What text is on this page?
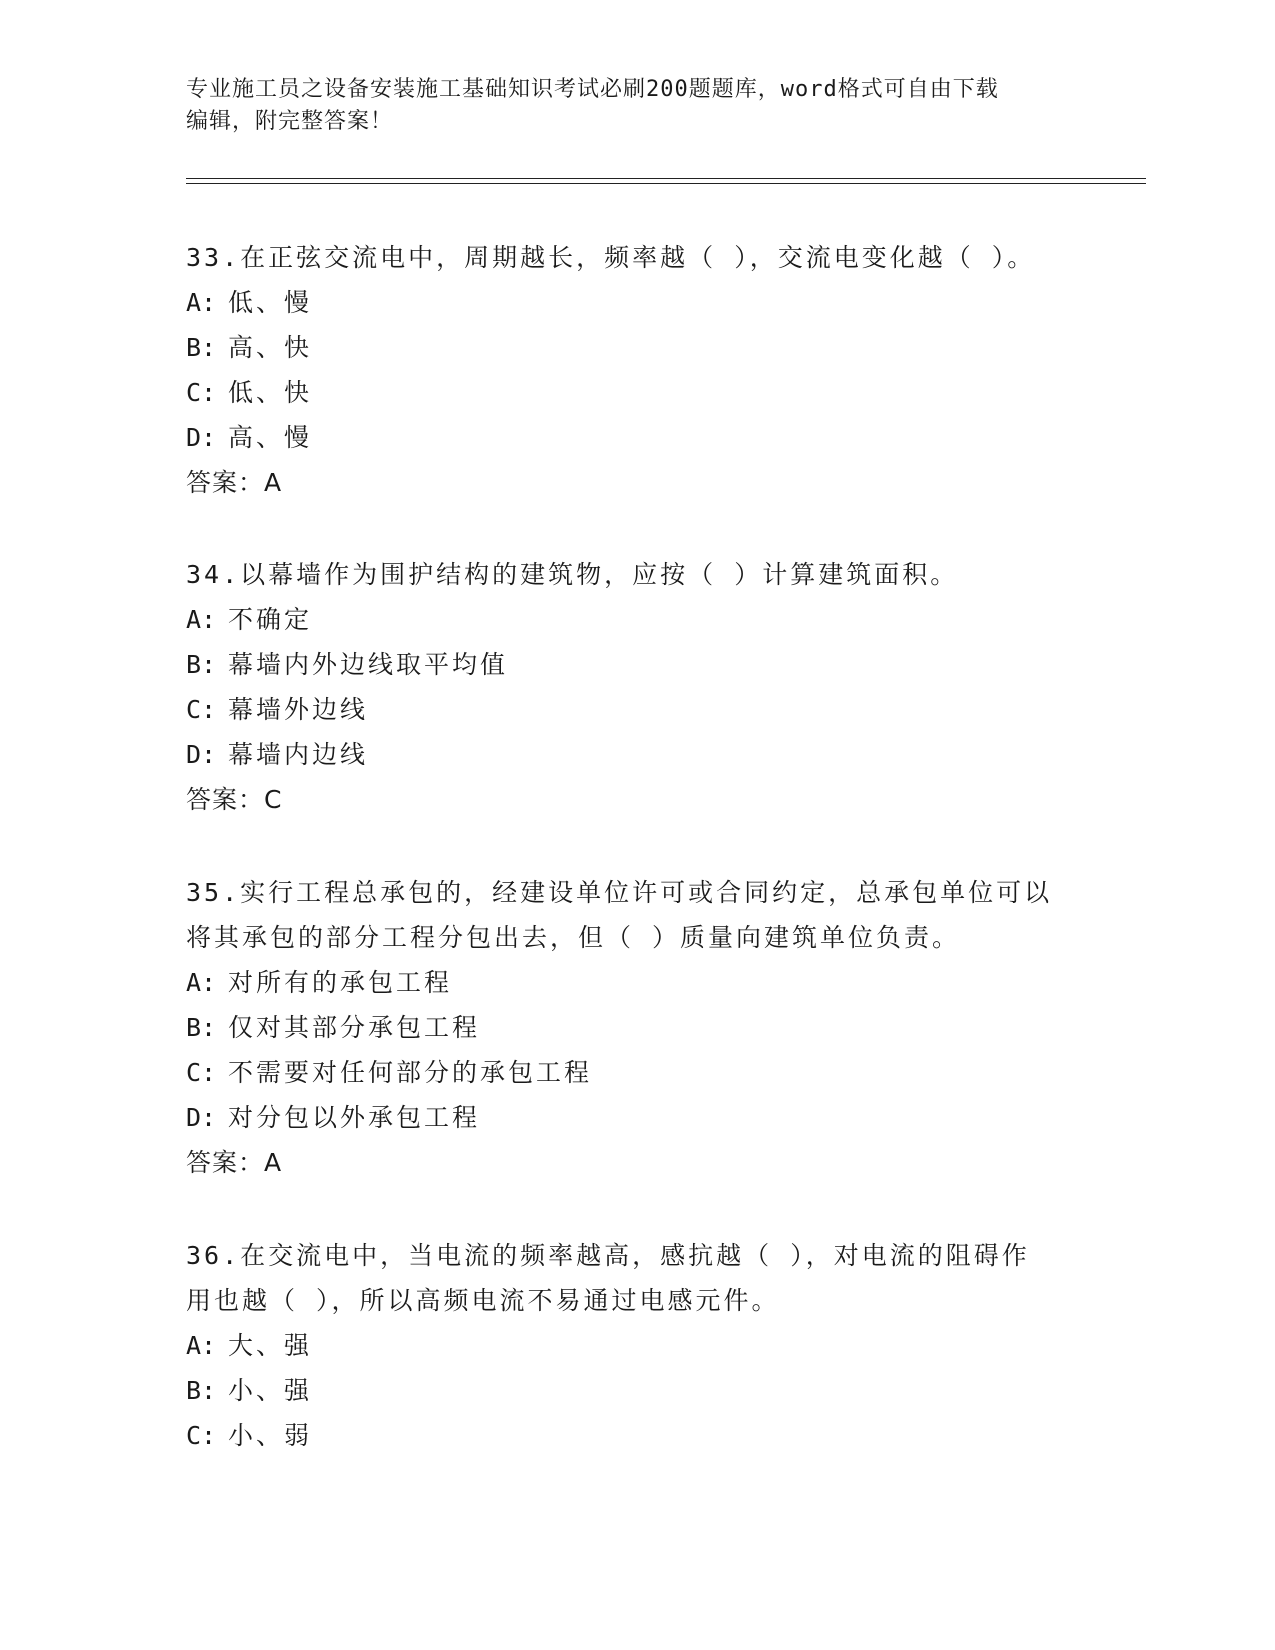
专业施工员之设备安装施工基础知识考试必刷200题题库，word格式可自由下载
编辑，附完整答案！

33.在正弦交流电中，周期越长，频率越（ ），交流电变化越（ ）。

A: 低、慢

B: 高、快

C: 低、快

D: 高、慢

答案：A

34.以幕墙作为围护结构的建筑物，应按（ ）计算建筑面积。

A: 不确定

B: 幕墙内外边线取平均值

C: 幕墙外边线

D: 幕墙内边线

答案：C

35.实行工程总承包的，经建设单位许可或合同约定，总承包单位可以

将其承包的部分工程分包出去，但（ ）质量向建筑单位负责。

A: 对所有的承包工程

B: 仅对其部分承包工程

C: 不需要对任何部分的承包工程

D: 对分包以外承包工程

答案：A

36.在交流电中，当电流的频率越高，感抗越（ ），对电流的阻碍作

用也越（ ），所以高频电流不易通过电感元件。

A: 大、强

B: 小、强

C: 小、弱
